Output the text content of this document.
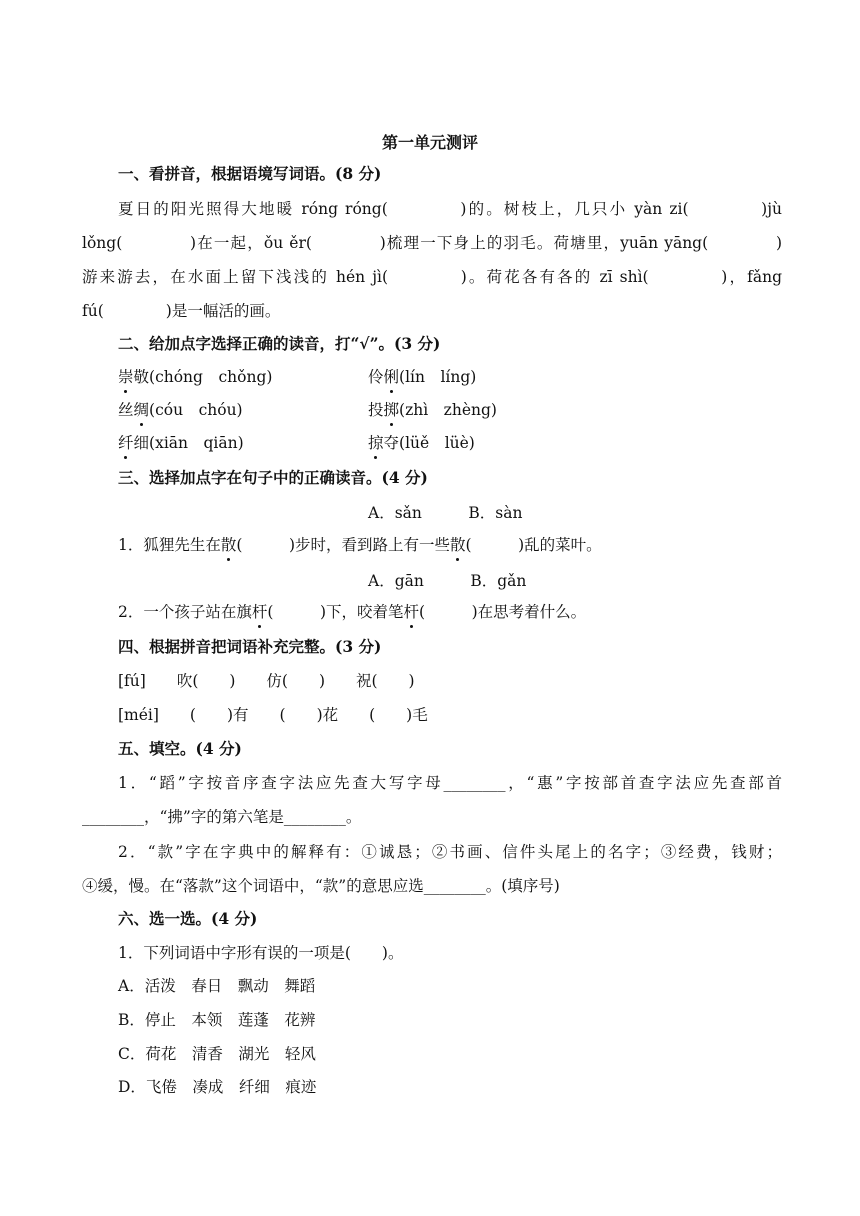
第一单元测评
一、看拼音，根据语境写词语。(8 分)
夏日的阳光照得大地暖 róng róng(　　　　)的。树枝上，几只小 yàn zi(　　　　)jù
lǒng(　　　　)在一起，ǒu ěr(　　　　)梳理一下身上的羽毛。荷塘里，yuān yāng(　　　　)
游来游去，在水面上留下浅浅的 hén jì(　　　　)。荷花各有各的 zī shì(　　　　)，fǎng
fú(　　　　)是一幅活的画。
二、给加点字选择正确的读音，打“√”。(3 分)
崇敬(chóng　chǒng)	伶俐(lín　líng)
丝绸(cóu　chóu)	投掷(zhì　zhèng)
纤细(xiān　qiān)	掠夺(lüě　lüè)
三、选择加点字在句子中的正确读音。(4 分)
A．sǎn　　　B．sàn
1．狐狸先生在散(　　　)步时，看到路上有一些散(　　　)乱的菜叶。
A．gān　　　B．gǎn
2．一个孩子站在旗杆(　　　)下，咬着笔杆(　　　)在思考着什么。
四、根据拼音把词语补充完整。(3 分)
[fú]　　吹(　　)　　仿(　　)　　祝(　　)
[méi]　　(　　)有　　(　　)花　　(　　)毛
五、填空。(4 分)
1．“蹈”字按音序查字法应先查大写字母________，“惠”字按部首查字法应先查部首
________，“拂”字的第六笔是________。
2．“款”字在字典中的解释有：①诚恳；②书画、信件头尾上的名字；③经费，钱财；
④缓，慢。在“落款”这个词语中，“款”的意思应选________。(填序号)
六、选一选。(4 分)
1．下列词语中字形有误的一项是(　　)。
A．活泼　春日　飘动　舞蹈
B．停止　本领　莲蓬　花辨
C．荷花　清香　湖光　轻风
D．飞倦　凑成　纤细　痕迹
